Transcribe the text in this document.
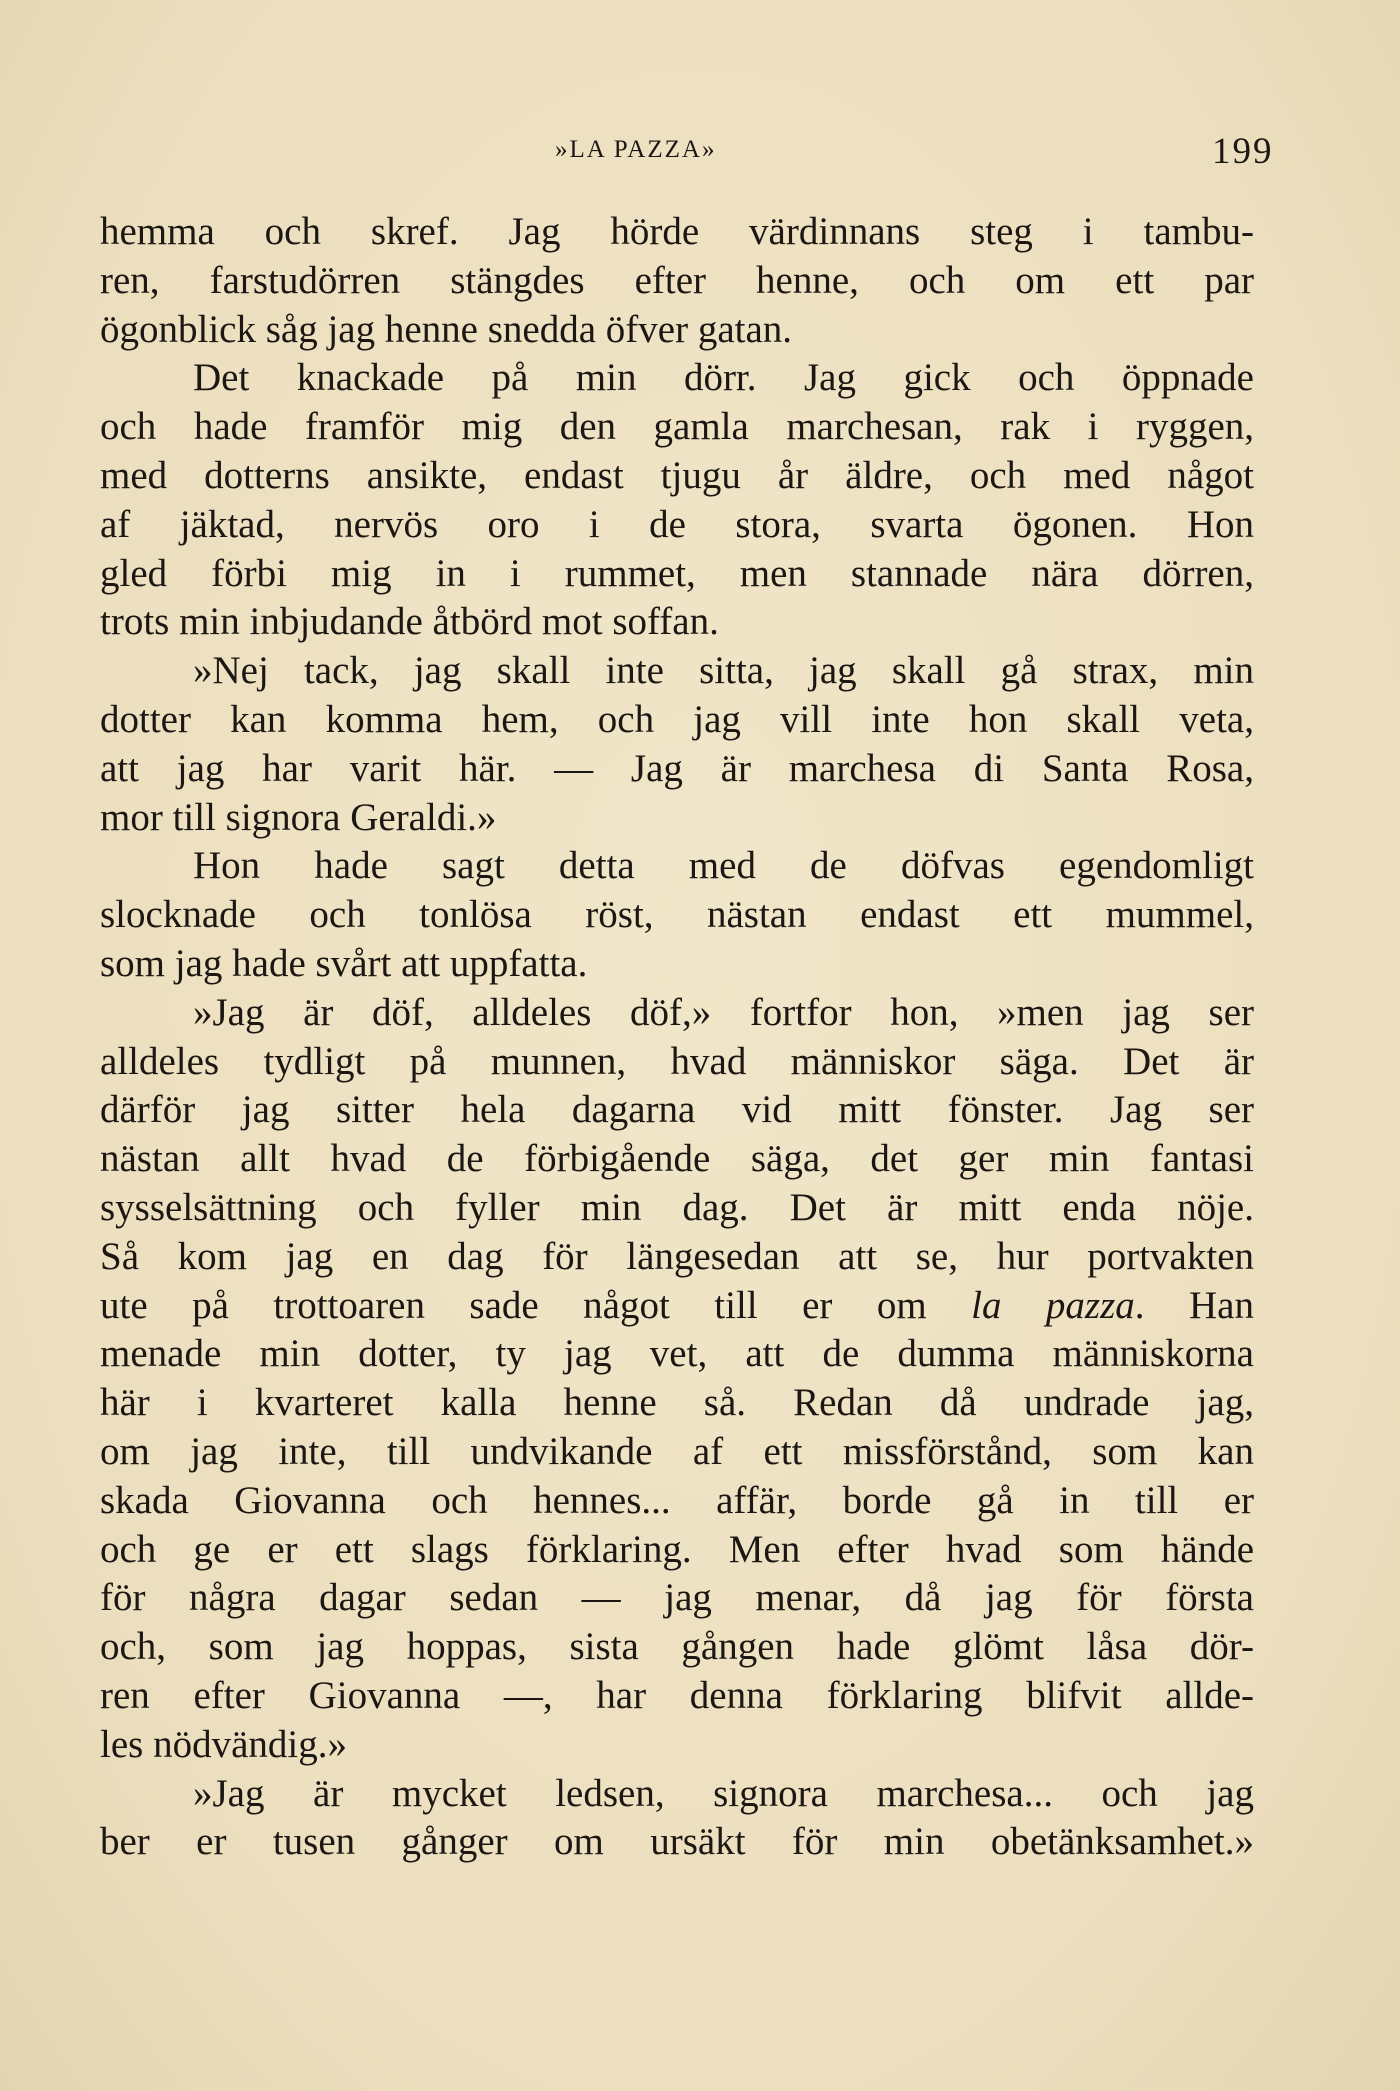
»LA PAZZA»	199
hemma och skref. Jag hörde värdinnans steg i tambu-
ren, farstudörren stängdes efter henne, och om ett par
ögonblick såg jag henne snedda öfver gatan.
Det knackade på min dörr. Jag gick och öppnade
och hade framför mig den gamla marchesan, rak i ryggen,
med dotterns ansikte, endast tjugu år äldre, och med något
af jäktad, nervös oro i de stora, svarta ögonen. Hon
gled förbi mig in i rummet, men stannade nära dörren,
trots min inbjudande åtbörd mot soffan.
»Nej tack, jag skall inte sitta, jag skall gå strax, min
dotter kan komma hem, och jag vill inte hon skall veta,
att jag har varit här. — Jag är marchesa di Santa Rosa,
mor till signora Geraldi.»
Hon hade sagt detta med de döfvas egendomligt
slocknade och tonlösa röst, nästan endast ett mummel,
som jag hade svårt att uppfatta.
»Jag är döf, alldeles döf,» fortfor hon, »men jag ser
alldeles tydligt på munnen, hvad människor säga. Det är
därför jag sitter hela dagarna vid mitt fönster. Jag ser
nästan allt hvad de förbigående säga, det ger min fantasi
sysselsättning och fyller min dag. Det är mitt enda nöje.
Så kom jag en dag för längesedan att se, hur portvakten
ute på trottoaren sade något till er om la pazza. Han
menade min dotter, ty jag vet, att de dumma människorna
här i kvarteret kalla henne så. Redan då undrade jag,
om jag inte, till undvikande af ett missförstånd, som kan
skada Giovanna och hennes... affär, borde gå in till er
och ge er ett slags förklaring. Men efter hvad som hände
för några dagar sedan — jag menar, då jag för första
och, som jag hoppas, sista gången hade glömt låsa dör-
ren efter Giovanna —, har denna förklaring blifvit allde-
les nödvändig.»
»Jag är mycket ledsen, signora marchesa... och jag
ber er tusen gånger om ursäkt för min obetänksamhet.»
